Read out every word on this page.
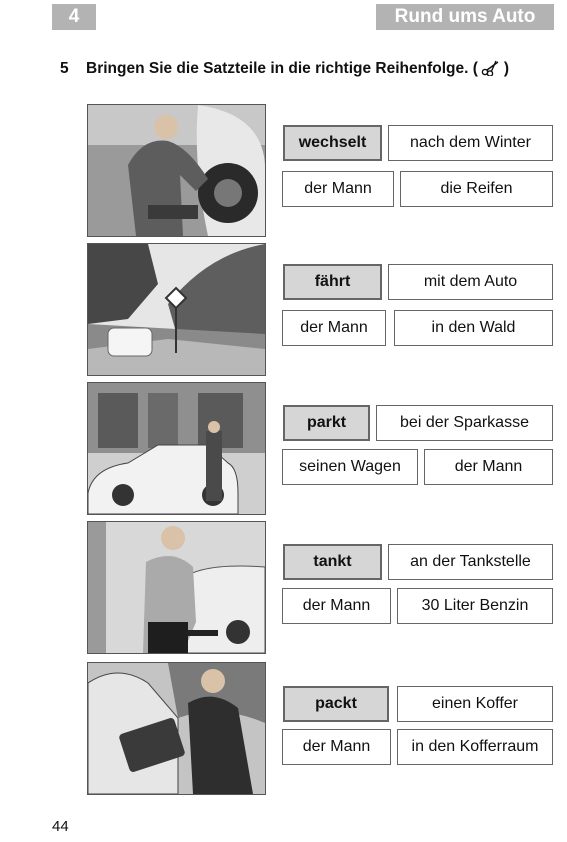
4	Rund ums Auto
5 Bringen Sie die Satzteile in die richtige Reihenfolge. ( )
wechselt	nach dem Winter
der Mann	die Reifen
fährt	mit dem Auto
der Mann	in den Wald
parkt	bei der Sparkasse
seinen Wagen	der Mann
tankt	an der Tankstelle
der Mann	30 Liter Benzin
packt	einen Koffer
der Mann	in den Kofferraum
44
